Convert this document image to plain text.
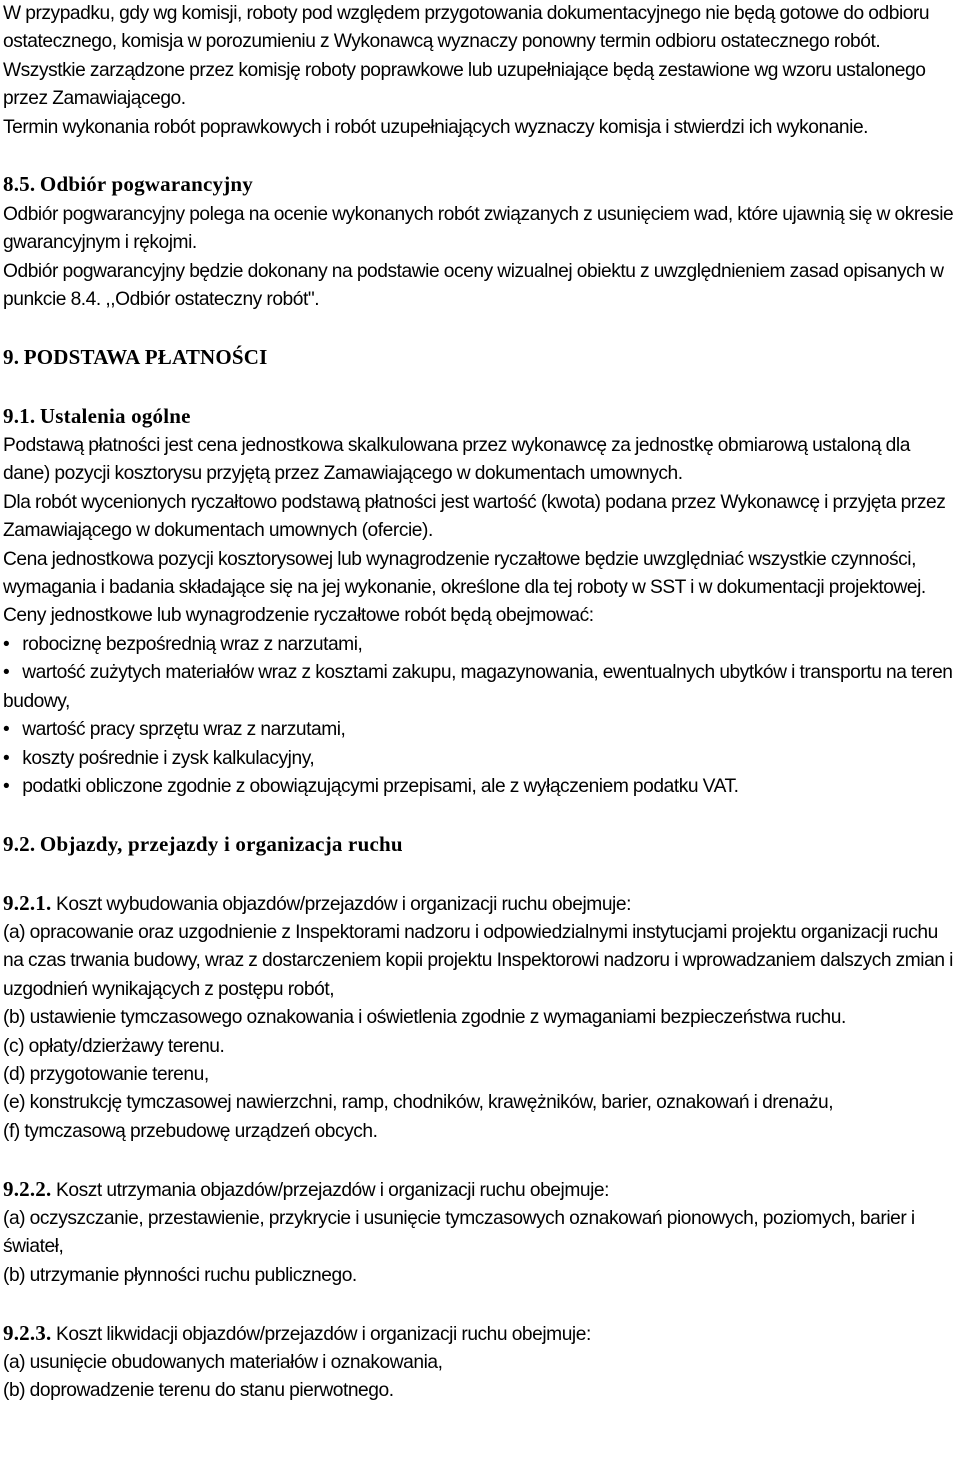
W przypadku, gdy wg komisji, roboty pod względem przygotowania dokumentacyjnego nie będą gotowe do odbioru ostatecznego, komisja w porozumieniu z Wykonawcą wyznaczy ponowny termin odbioru ostatecznego robót.

Wszystkie zarządzone przez komisję roboty poprawkowe lub uzupełniające będą zestawione wg wzoru ustalonego przez Zamawiającego.

Termin wykonania robót poprawkowych i robót uzupełniających wyznaczy komisja i stwierdzi ich wykonanie.

8.5. Odbiór pogwarancyjny

Odbiór pogwarancyjny polega na ocenie wykonanych robót związanych z usunięciem wad, które ujawnią się w okresie gwarancyjnym i rękojmi.

Odbiór pogwarancyjny będzie dokonany na podstawie oceny wizualnej obiektu z uwzględnieniem zasad opisanych w punkcie 8.4. ,,Odbiór ostateczny robót".

9. PODSTAWA PŁATNOŚCI

9.1. Ustalenia ogólne

Podstawą płatności jest cena jednostkowa skalkulowana przez wykonawcę za jednostkę obmiarową ustaloną dla dane) pozycji kosztorysu przyjętą przez Zamawiającego w dokumentach umownych.

Dla robót wycenionych ryczałtowo podstawą płatności jest wartość (kwota) podana przez Wykonawcę i przyjęta przez Zamawiającego w dokumentach umownych (ofercie).

Cena jednostkowa pozycji kosztorysowej lub wynagrodzenie ryczałtowe będzie uwzględniać wszystkie czynności, wymagania i badania składające się na jej wykonanie, określone dla tej roboty w SST i w dokumentacji projektowej.

Ceny jednostkowe lub wynagrodzenie ryczałtowe robót będą obejmować:

• robociznę bezpośrednią wraz z narzutami,

• wartość zużytych materiałów wraz z kosztami zakupu, magazynowania, ewentualnych ubytków i transportu na teren budowy,

• wartość pracy sprzętu wraz z narzutami,

• koszty pośrednie i zysk kalkulacyjny,

• podatki obliczone zgodnie z obowiązującymi przepisami, ale z wyłączeniem podatku VAT.

9.2. Objazdy, przejazdy i organizacja ruchu

9.2.1. Koszt wybudowania objazdów/przejazdów i organizacji ruchu obejmuje:

(a) opracowanie oraz uzgodnienie z Inspektorami nadzoru i odpowiedzialnymi instytucjami projektu organizacji ruchu na czas trwania budowy, wraz z dostarczeniem kopii projektu Inspektorowi nadzoru i wprowadzaniem dalszych zmian i uzgodnień wynikających z postępu robót,

(b) ustawienie tymczasowego oznakowania i oświetlenia zgodnie z wymaganiami bezpieczeństwa ruchu.

(c) opłaty/dzierżawy terenu.

(d) przygotowanie terenu,

(e) konstrukcję tymczasowej nawierzchni, ramp, chodników, krawężników, barier, oznakowań i drenażu,

(f) tymczasową przebudowę urządzeń obcych.

9.2.2. Koszt utrzymania objazdów/przejazdów i organizacji ruchu obejmuje:

(a) oczyszczanie, przestawienie, przykrycie i usunięcie tymczasowych oznakowań pionowych, poziomych, barier i świateł,

(b) utrzymanie płynności ruchu publicznego.

9.2.3. Koszt likwidacji objazdów/przejazdów i organizacji ruchu obejmuje:

(a) usunięcie obudowanych materiałów i oznakowania,

(b) doprowadzenie terenu do stanu pierwotnego.
